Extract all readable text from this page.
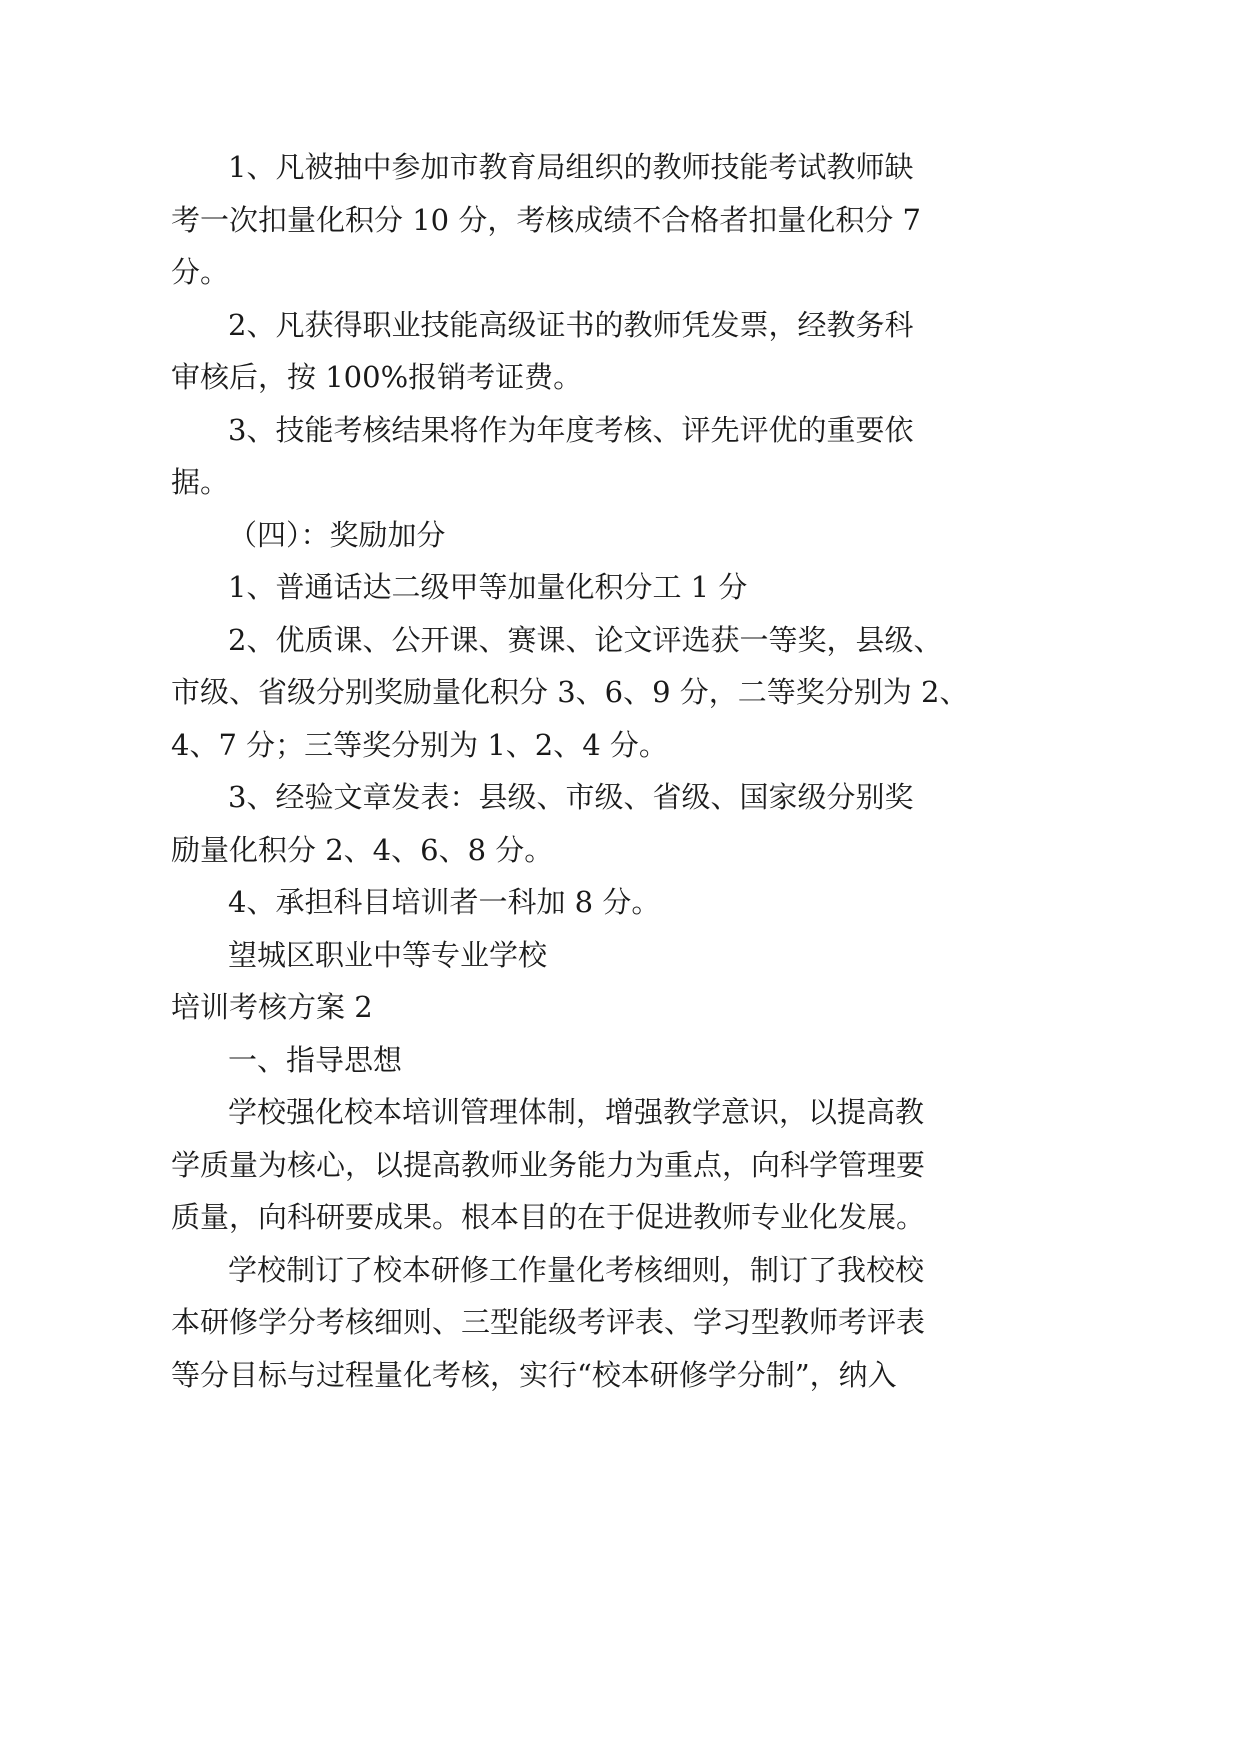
1、凡被抽中参加市教育局组织的教师技能考试教师缺
考一次扣量化积分 10 分，考核成绩不合格者扣量化积分 7
分。
2、凡获得职业技能高级证书的教师凭发票，经教务科
审核后，按 100%报销考证费。
3、技能考核结果将作为年度考核、评先评优的重要依
据。
（四）：奖励加分
1、普通话达二级甲等加量化积分工 1 分
2、优质课、公开课、赛课、论文评选获一等奖，县级、
市级、省级分别奖励量化积分 3、6、9 分，二等奖分别为 2、
4、7 分；三等奖分别为 1、2、4 分。
3、经验文章发表：县级、市级、省级、国家级分别奖
励量化积分 2、4、6、8 分。
4、承担科目培训者一科加 8 分。
望城区职业中等专业学校
培训考核方案 2
一、指导思想
学校强化校本培训管理体制，增强教学意识，以提高教
学质量为核心，以提高教师业务能力为重点，向科学管理要
质量，向科研要成果。根本目的在于促进教师专业化发展。
学校制订了校本研修工作量化考核细则，制订了我校校
本研修学分考核细则、三型能级考评表、学习型教师考评表
等分目标与过程量化考核，实行“校本研修学分制”，纳入
